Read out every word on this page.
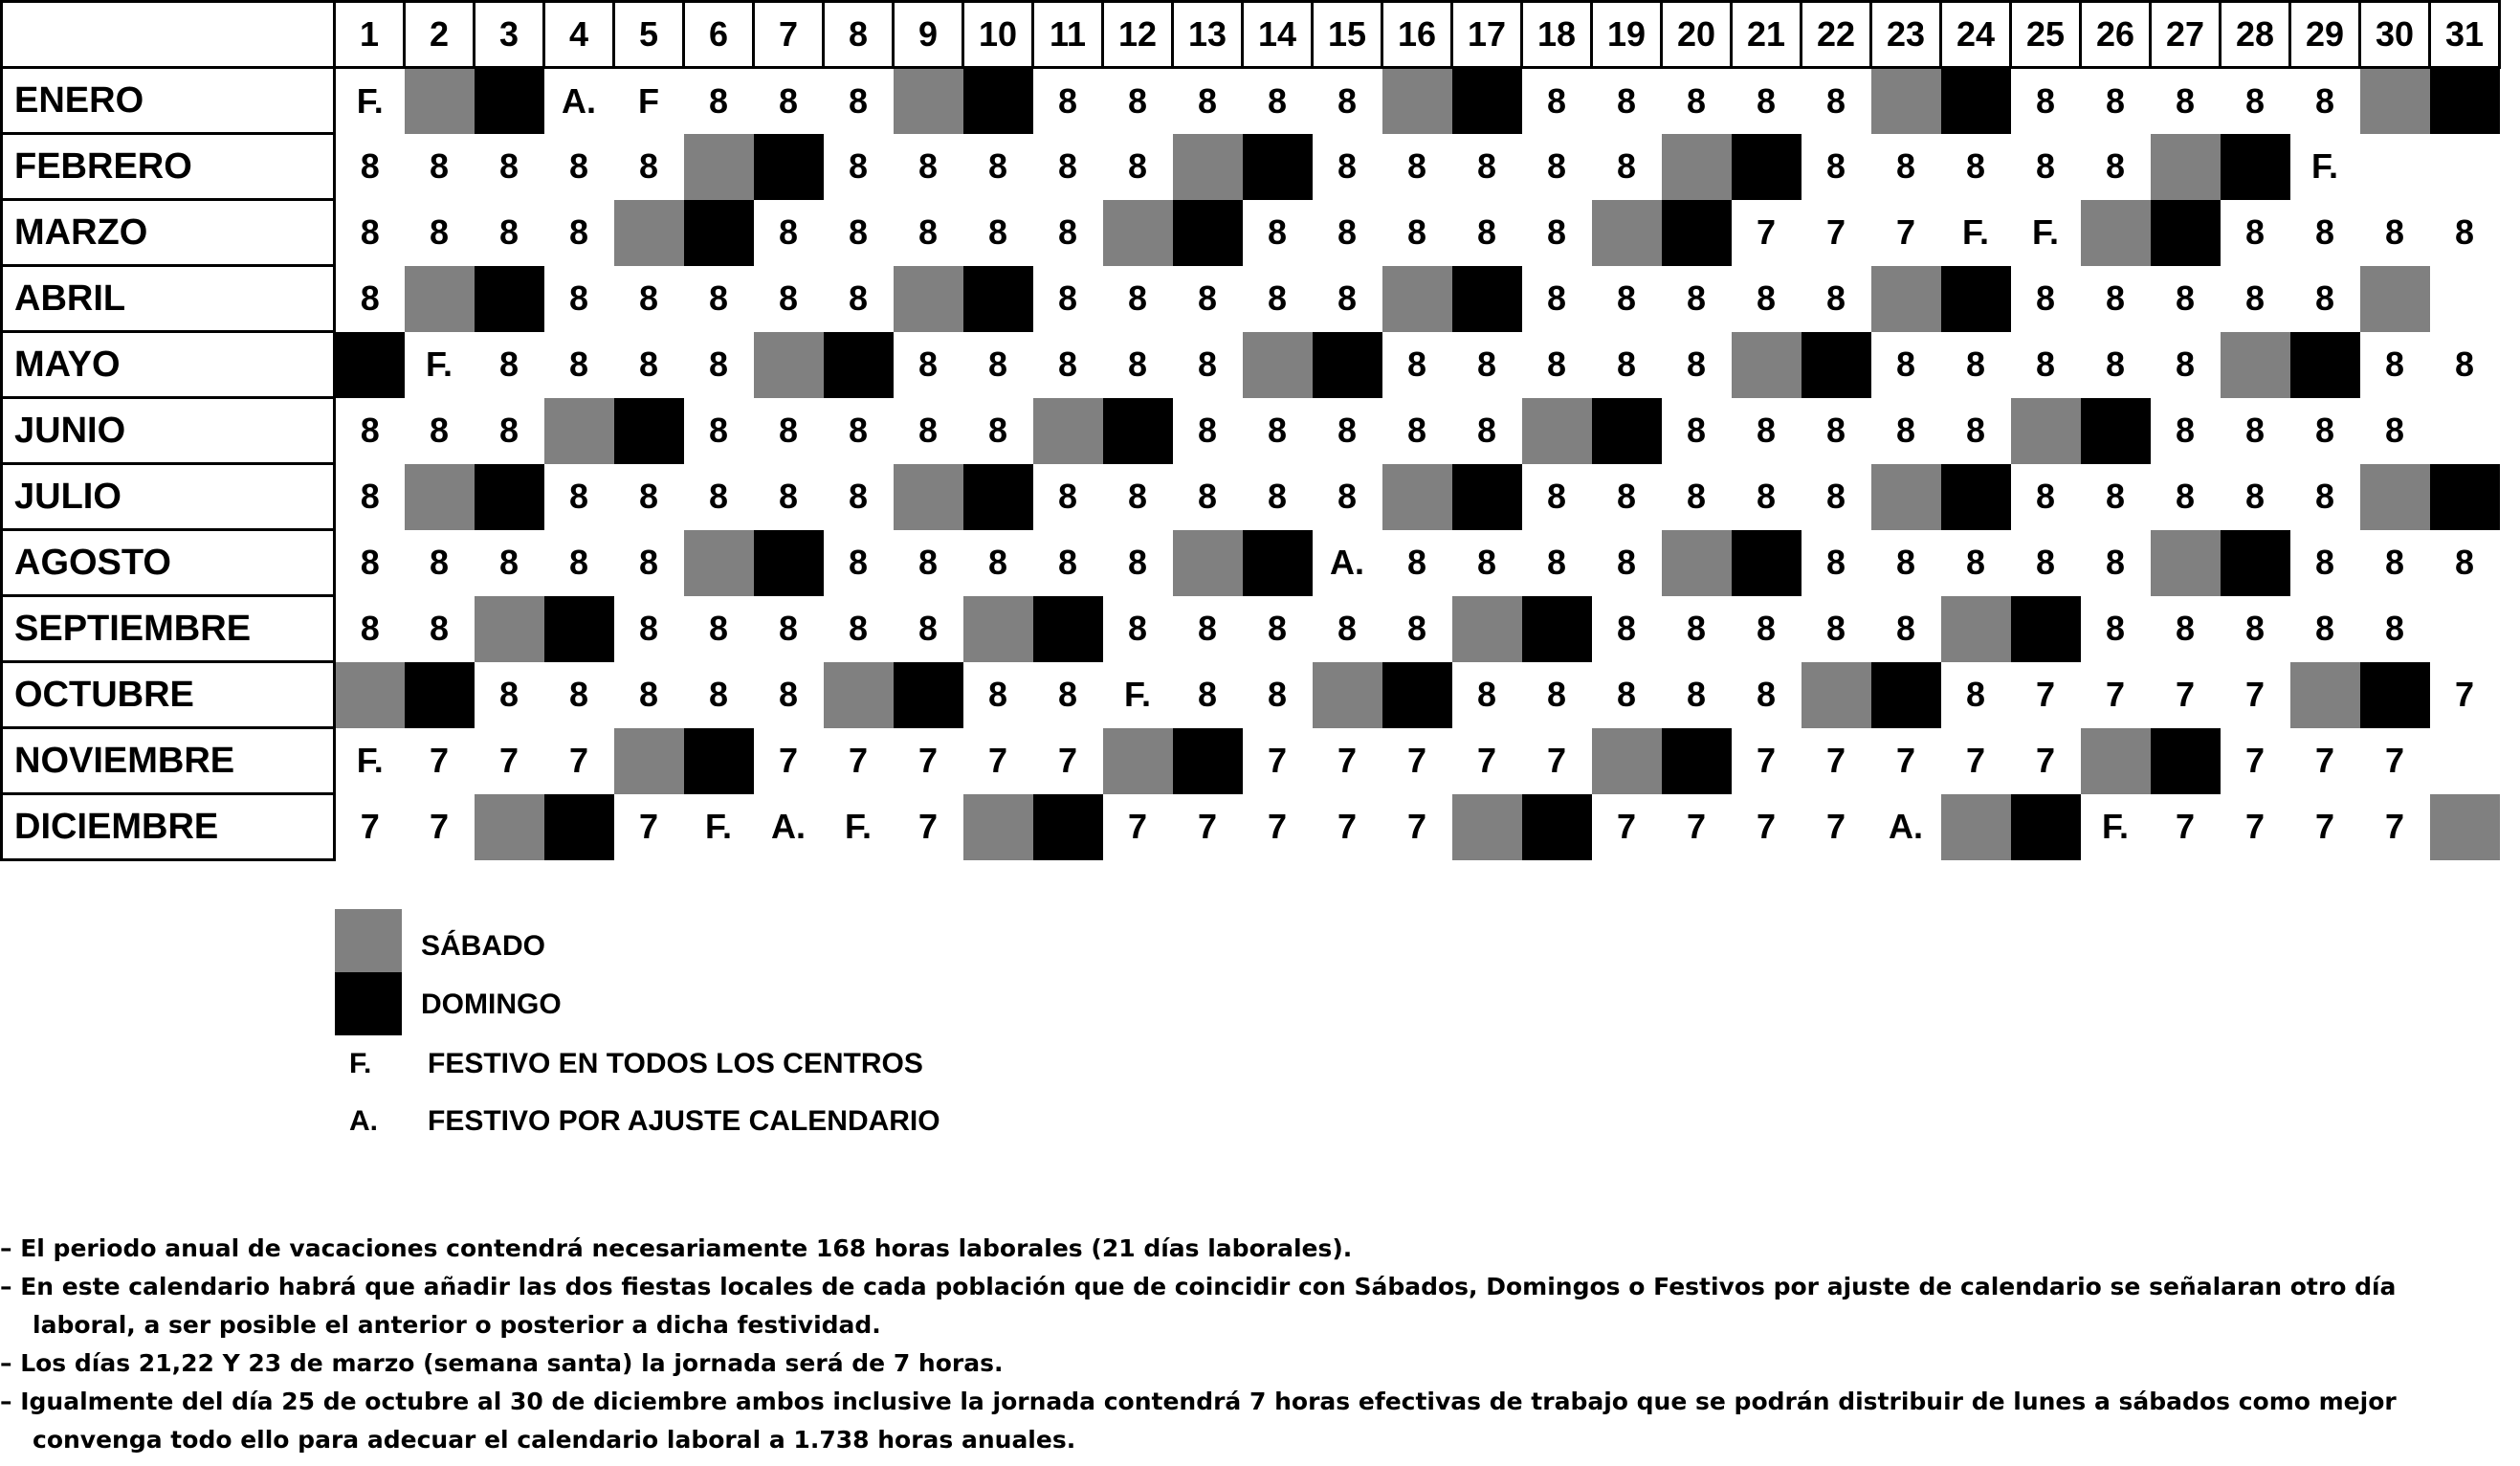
	1	2	3	4	5	6	7	8	9	10	11	12	13	14	15	16	17	18	19	20	21	22	23	24	25	26	27	28	29	30	31
ENERO	F.			A.	F	8	8	8			8	8	8	8	8			8	8	8	8	8			8	8	8	8	8		
FEBRERO	8	8	8	8	8			8	8	8	8	8			8	8	8	8	8			8	8	8	8	8			F.		
MARZO	8	8	8	8			8	8	8	8	8			8	8	8	8	8			7	7	7	F.	F.			8	8	8	8
ABRIL	8			8	8	8	8	8			8	8	8	8	8			8	8	8	8	8			8	8	8	8	8		
MAYO		F.	8	8	8	8			8	8	8	8	8			8	8	8	8	8			8	8	8	8	8			8	8
JUNIO	8	8	8			8	8	8	8	8			8	8	8	8	8			8	8	8	8	8			8	8	8	8	
JULIO	8			8	8	8	8	8			8	8	8	8	8			8	8	8	8	8			8	8	8	8	8		
AGOSTO	8	8	8	8	8			8	8	8	8	8			A.	8	8	8	8			8	8	8	8	8			8	8	8
SEPTIEMBRE	8	8			8	8	8	8	8			8	8	8	8	8			8	8	8	8	8			8	8	8	8	8	
OCTUBRE			8	8	8	8	8			8	8	F.	8	8			8	8	8	8	8			8	7	7	7	7			7
NOVIEMBRE	F.	7	7	7			7	7	7	7	7			7	7	7	7	7			7	7	7	7	7			7	7	7	
DICIEMBRE	7	7			7	F.	A.	F.	7			7	7	7	7	7			7	7	7	7	A.			F.	7	7	7	7	
SÁBADO
DOMINGO
F. FESTIVO EN TODOS LOS CENTROS
A. FESTIVO POR AJUSTE CALENDARIO
– El periodo anual de vacaciones contendrá necesariamente 168 horas laborales (21 días laborales).
– En este calendario habrá que añadir las dos fiestas locales de cada población que de coincidir con Sábados, Domingos o Festivos por ajuste de calendario se señalaran otro día laboral, a ser posible el anterior o posterior a dicha festividad.
– Los días 21,22 Y 23 de marzo (semana santa) la jornada será de 7 horas.
– Igualmente del día 25 de octubre al 30 de diciembre ambos inclusive la jornada contendrá 7 horas efectivas de trabajo que se podrán distribuir de lunes a sábados como mejor convenga todo ello para adecuar el calendario laboral a 1.738 horas anuales.
